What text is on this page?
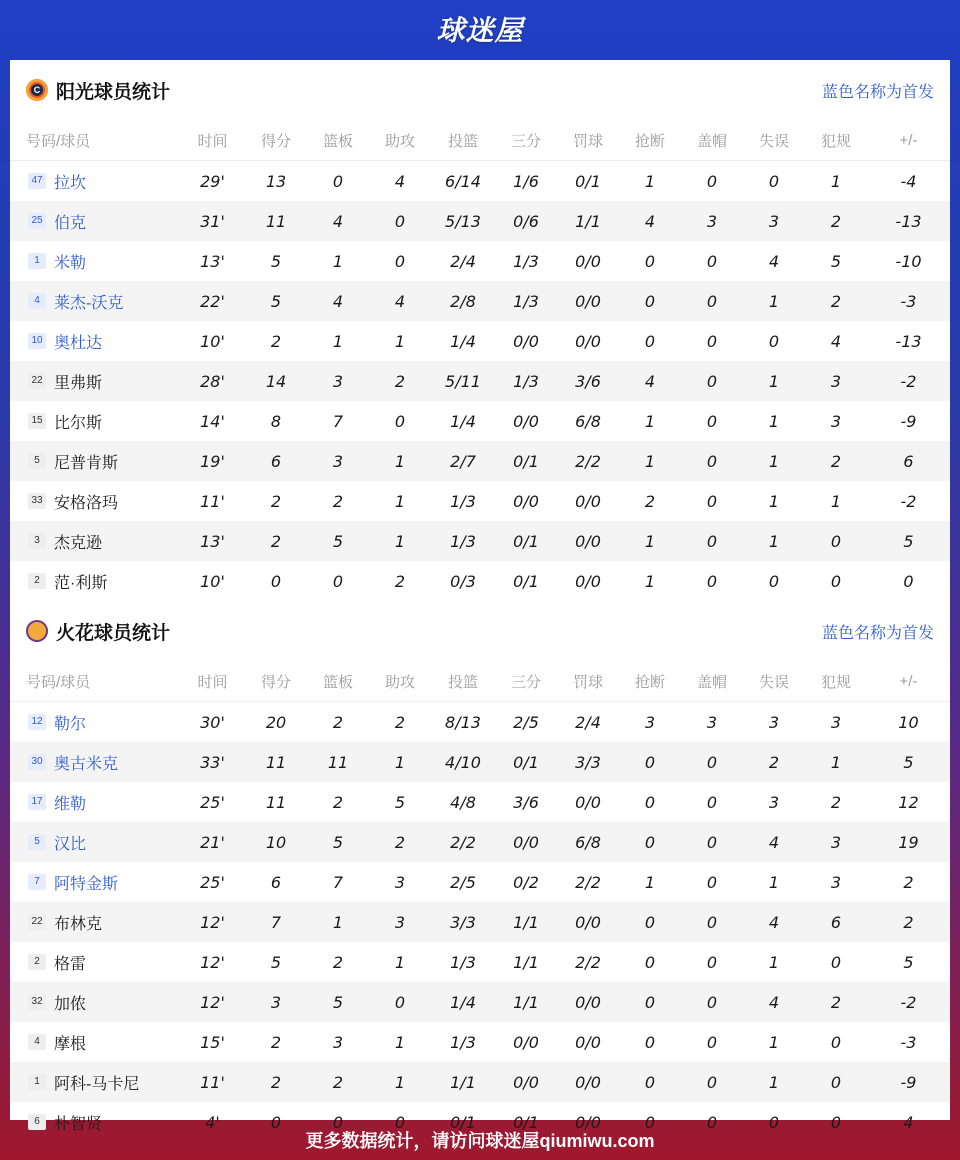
球迷屋
C 阳光球员统计	蓝色名称为首发
号码/球员	时间	得分	篮板	助攻	投篮	三分	罚球	抢断	盖帽	失误	犯规	+/-
47 拉坎	29'	13	0	4	6/14	1/6	0/1	1	0	0	1	-4
25 伯克	31'	11	4	0	5/13	0/6	1/1	4	3	3	2	-13
1 米勒	13'	5	1	0	2/4	1/3	0/0	0	0	4	5	-10
4 莱杰-沃克	22'	5	4	4	2/8	1/3	0/0	0	0	1	2	-3
10 奥杜达	10'	2	1	1	1/4	0/0	0/0	0	0	0	4	-13
22 里弗斯	28'	14	3	2	5/11	1/3	3/6	4	0	1	3	-2
15 比尔斯	14'	8	7	0	1/4	0/0	6/8	1	0	1	3	-9
5 尼普肯斯	19'	6	3	1	2/7	0/1	2/2	1	0	1	2	6
33 安格洛玛	11'	2	2	1	1/3	0/0	0/0	2	0	1	1	-2
3 杰克逊	13'	2	5	1	1/3	0/1	0/0	1	0	1	0	5
2 范·利斯	10'	0	0	2	0/3	0/1	0/0	1	0	0	0	0
火花球员统计	蓝色名称为首发
号码/球员	时间	得分	篮板	助攻	投篮	三分	罚球	抢断	盖帽	失误	犯规	+/-
12 勒尔	30'	20	2	2	8/13	2/5	2/4	3	3	3	3	10
30 奥古米克	33'	11	11	1	4/10	0/1	3/3	0	0	2	1	5
17 维勒	25'	11	2	5	4/8	3/6	0/0	0	0	3	2	12
5 汉比	21'	10	5	2	2/2	0/0	6/8	0	0	4	3	19
7 阿特金斯	25'	6	7	3	2/5	0/2	2/2	1	0	1	3	2
22 布林克	12'	7	1	3	3/3	1/1	0/0	0	0	4	6	2
2 格雷	12'	5	2	1	1/3	1/1	2/2	0	0	1	0	5
32 加侬	12'	3	5	0	1/4	1/1	0/0	0	0	4	2	-2
4 摩根	15'	2	3	1	1/3	0/0	0/0	0	0	1	0	-3
1 阿科-马卡尼	11'	2	2	1	1/1	0/0	0/0	0	0	1	0	-9
6 朴智贤	4'	0	0	0	0/1	0/1	0/0	0	0	0	0	4
更多数据统计，请访问球迷屋qiumiwu.com
